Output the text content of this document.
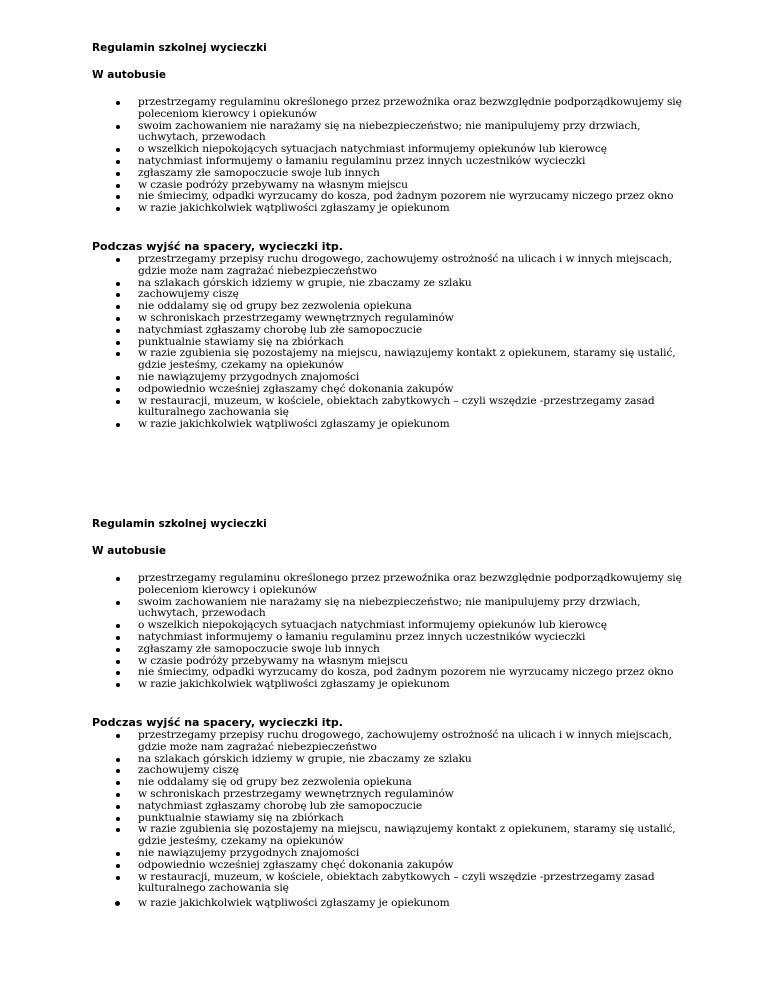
Regulamin szkolnej wycieczki

W autobusie

przestrzegamy regulaminu określonego przez przewoźnika oraz bezwzględnie podporządkowujemy się poleceniom kierowcy i opiekunów
swoim zachowaniem nie narażamy się na niebezpieczeństwo; nie manipulujemy przy drzwiach, uchwytach, przewodach
o wszelkich niepokojących sytuacjach natychmiast informujemy opiekunów lub kierowcę
natychmiast informujemy o łamaniu regulaminu przez innych uczestników wycieczki
zgłaszamy złe samopoczucie swoje lub innych
w czasie podróży przebywamy na własnym miejscu
nie śmiecimy, odpadki wyrzucamy do kosza, pod żadnym pozorem nie wyrzucamy niczego przez okno
w razie jakichkolwiek wątpliwości zgłaszamy je opiekunom

Podczas wyjść na spacery, wycieczki itp.

przestrzegamy przepisy ruchu drogowego, zachowujemy ostrożność na ulicach i w innych miejscach, gdzie może nam zagrażać niebezpieczeństwo
na szlakach górskich idziemy w grupie, nie zbaczamy ze szlaku
zachowujemy ciszę
nie oddalamy się od grupy bez zezwolenia opiekuna
w schroniskach przestrzegamy wewnętrznych regulaminów
natychmiast zgłaszamy chorobę lub złe samopoczucie
punktualnie stawiamy się na zbiórkach
w razie zgubienia się pozostajemy na miejscu, nawiązujemy kontakt z opiekunem, staramy się ustalić, gdzie jesteśmy, czekamy na opiekunów
nie nawiązujemy przygodnych znajomości
odpowiednio wcześniej zgłaszamy chęć dokonania zakupów
w restauracji, muzeum, w kościele, obiektach zabytkowych – czyli wszędzie -przestrzegamy zasad kulturalnego zachowania się
w razie jakichkolwiek wątpliwości zgłaszamy je opiekunom

Regulamin szkolnej wycieczki

W autobusie

przestrzegamy regulaminu określonego przez przewoźnika oraz bezwzględnie podporządkowujemy się poleceniom kierowcy i opiekunów
swoim zachowaniem nie narażamy się na niebezpieczeństwo; nie manipulujemy przy drzwiach, uchwytach, przewodach
o wszelkich niepokojących sytuacjach natychmiast informujemy opiekunów lub kierowcę
natychmiast informujemy o łamaniu regulaminu przez innych uczestników wycieczki
zgłaszamy złe samopoczucie swoje lub innych
w czasie podróży przebywamy na własnym miejscu
nie śmiecimy, odpadki wyrzucamy do kosza, pod żadnym pozorem nie wyrzucamy niczego przez okno
w razie jakichkolwiek wątpliwości zgłaszamy je opiekunom

Podczas wyjść na spacery, wycieczki itp.

przestrzegamy przepisy ruchu drogowego, zachowujemy ostrożność na ulicach i w innych miejscach, gdzie może nam zagrażać niebezpieczeństwo
na szlakach górskich idziemy w grupie, nie zbaczamy ze szlaku
zachowujemy ciszę
nie oddalamy się od grupy bez zezwolenia opiekuna
w schroniskach przestrzegamy wewnętrznych regulaminów
natychmiast zgłaszamy chorobę lub złe samopoczucie
punktualnie stawiamy się na zbiórkach
w razie zgubienia się pozostajemy na miejscu, nawiązujemy kontakt z opiekunem, staramy się ustalić, gdzie jesteśmy, czekamy na opiekunów
nie nawiązujemy przygodnych znajomości
odpowiednio wcześniej zgłaszamy chęć dokonania zakupów
w restauracji, muzeum, w kościele, obiektach zabytkowych – czyli wszędzie -przestrzegamy zasad kulturalnego zachowania się
w razie jakichkolwiek wątpliwości zgłaszamy je opiekunom
